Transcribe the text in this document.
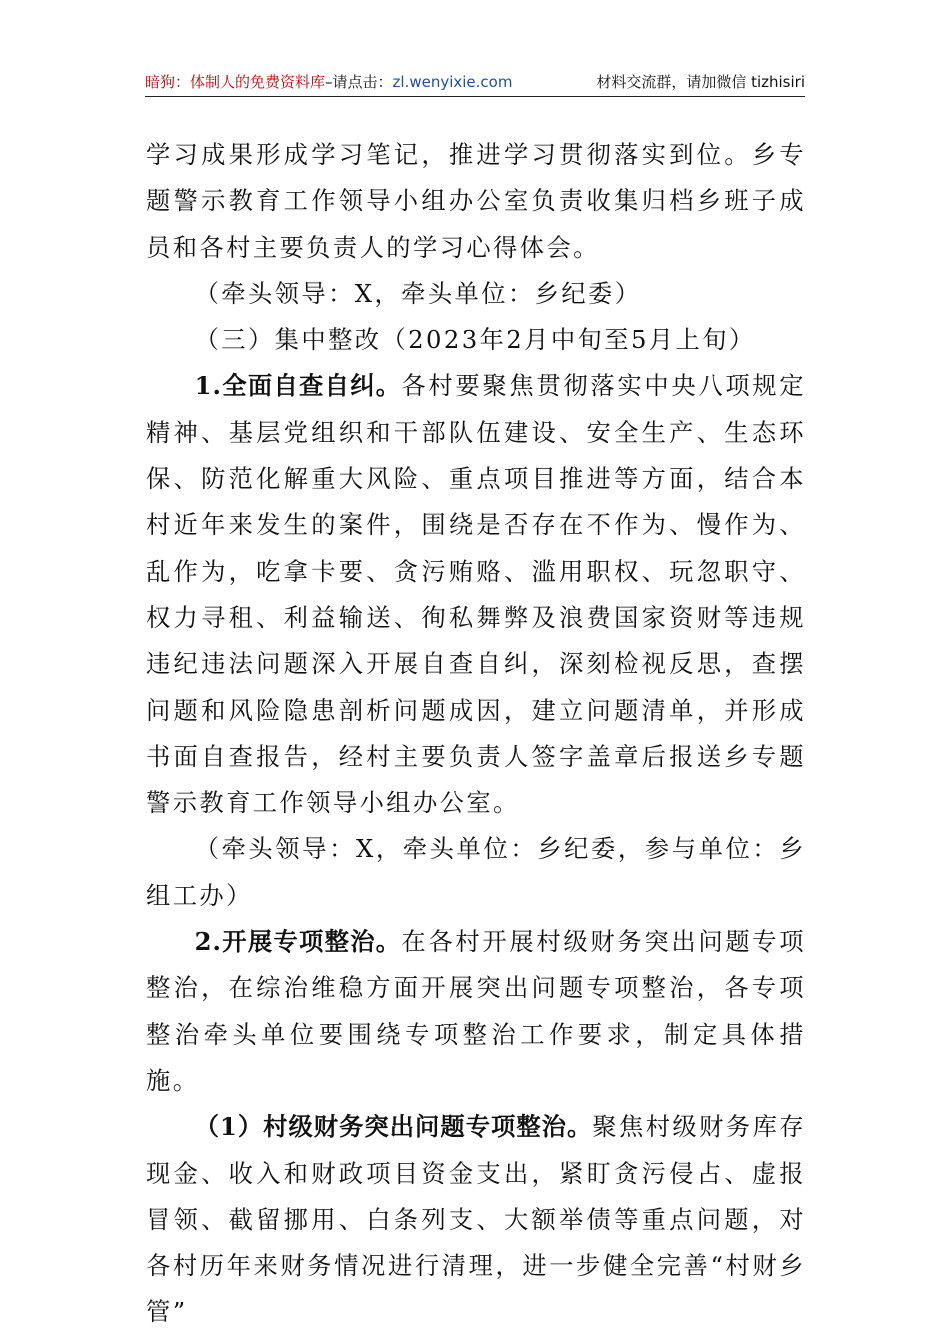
暗狗：体制人的免费资料库–请点击：zl.wenyixie.com	材料交流群，请加微信 tizhisiri

学习成果形成学习笔记，推进学习贯彻落实到位。乡专题警示教育工作领导小组办公室负责收集归档乡班子成员和各村主要负责人的学习心得体会。

（牵头领导：X，牵头单位：乡纪委）

（三）集中整改（2023年2月中旬至5月上旬）

1.全面自查自纠。各村要聚焦贯彻落实中央八项规定精神、基层党组织和干部队伍建设、安全生产、生态环保、防范化解重大风险、重点项目推进等方面，结合本村近年来发生的案件，围绕是否存在不作为、慢作为、乱作为，吃拿卡要、贪污贿赂、滥用职权、玩忽职守、权力寻租、利益输送、徇私舞弊及浪费国家资财等违规违纪违法问题深入开展自查自纠，深刻检视反思，查摆问题和风险隐患剖析问题成因，建立问题清单，并形成书面自查报告，经村主要负责人签字盖章后报送乡专题警示教育工作领导小组办公室。

（牵头领导：X，牵头单位：乡纪委，参与单位：乡组工办）

2.开展专项整治。在各村开展村级财务突出问题专项整治，在综治维稳方面开展突出问题专项整治，各专项整治牵头单位要围绕专项整治工作要求，制定具体措施。

（1）村级财务突出问题专项整治。聚焦村级财务库存现金、收入和财政项目资金支出，紧盯贪污侵占、虚报冒领、截留挪用、白条列支、大额举债等重点问题，对各村历年来财务情况进行清理，进一步健全完善“村财乡管”
